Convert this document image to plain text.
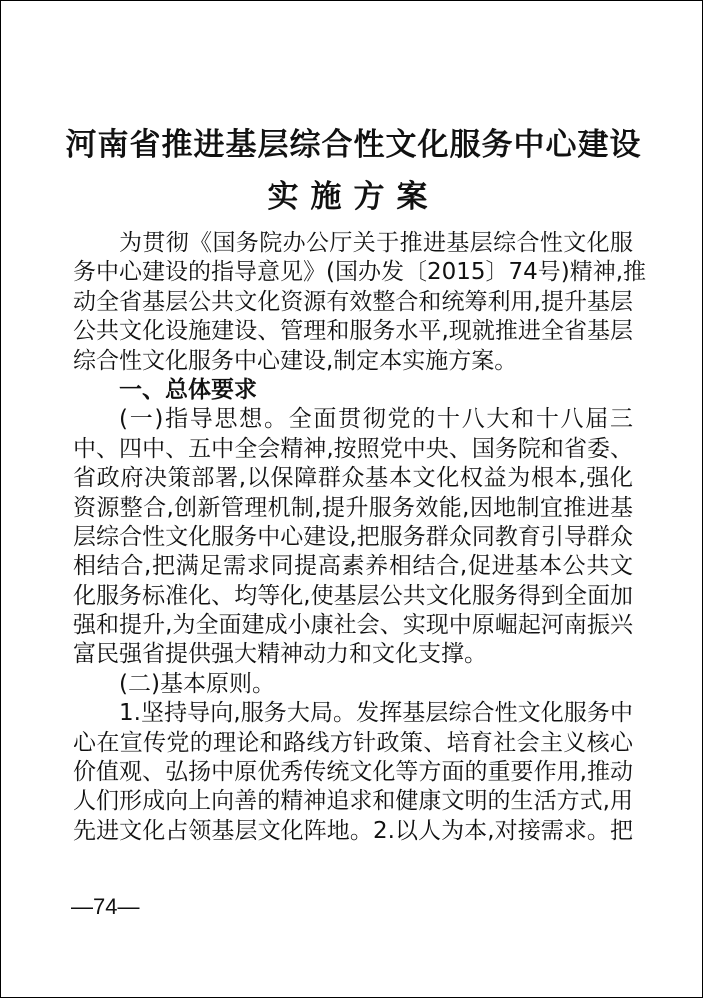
河南省推进基层综合性文化服务中心建设
实施方案
为贯彻《国务院办公厅关于推进基层综合性文化服
务中心建设的指导意见》(国办发〔2015〕74号)精神,推
动全省基层公共文化资源有效整合和统筹利用,提升基层
公共文化设施建设、管理和服务水平,现就推进全省基层
综合性文化服务中心建设,制定本实施方案。
一、总体要求
(一)指导思想。全面贯彻党的十八大和十八届三
中、四中、五中全会精神,按照党中央、国务院和省委、
省政府决策部署,以保障群众基本文化权益为根本,强化
资源整合,创新管理机制,提升服务效能,因地制宜推进基
层综合性文化服务中心建设,把服务群众同教育引导群众
相结合,把满足需求同提高素养相结合,促进基本公共文
化服务标准化、均等化,使基层公共文化服务得到全面加
强和提升,为全面建成小康社会、实现中原崛起河南振兴
富民强省提供强大精神动力和文化支撑。
(二)基本原则。
1.坚持导向,服务大局。发挥基层综合性文化服务中
心在宣传党的理论和路线方针政策、培育社会主义核心
价值观、弘扬中原优秀传统文化等方面的重要作用,推动
人们形成向上向善的精神追求和健康文明的生活方式,用
先进文化占领基层文化阵地。2.以人为本,对接需求。把
—74—
